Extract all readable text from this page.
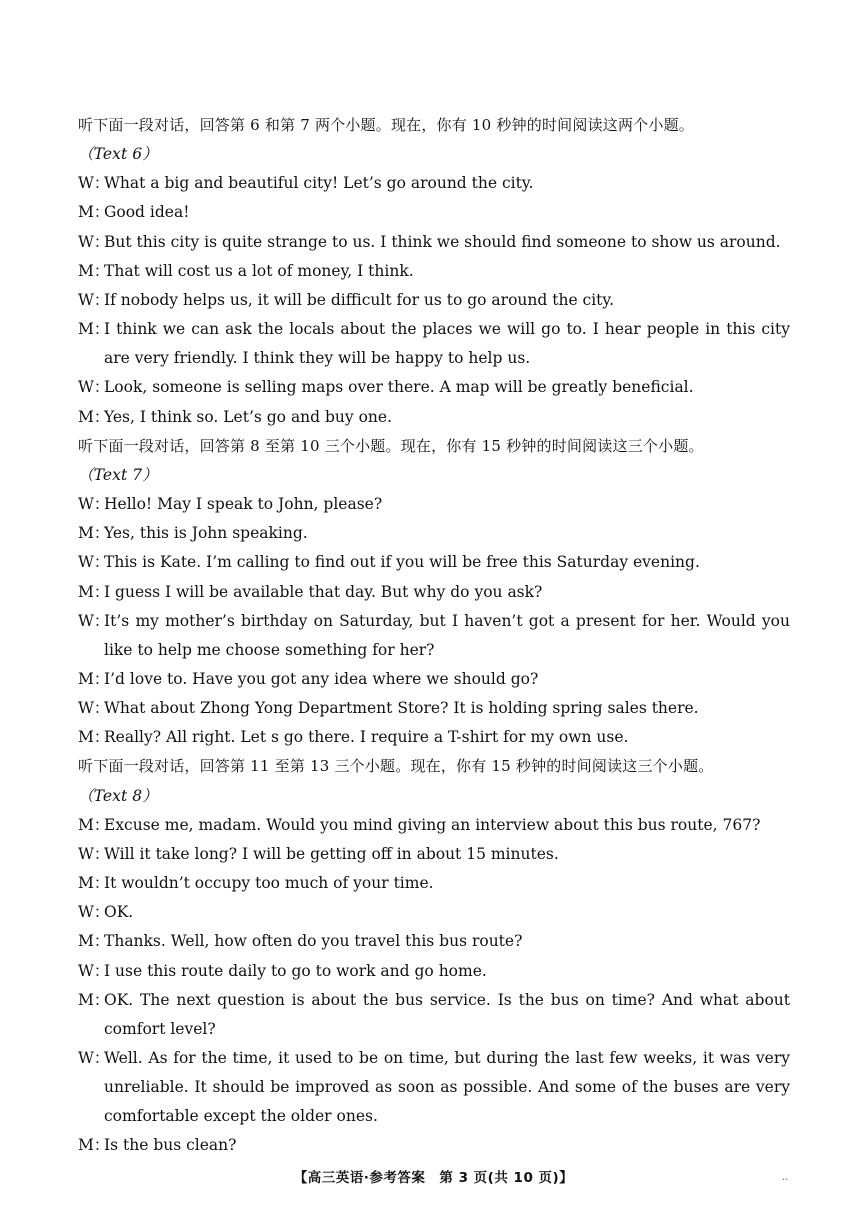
听下面一段对话，回答第 6 和第 7 两个小题。现在，你有 10 秒钟的时间阅读这两个小题。
（Text 6）
W：What a big and beautiful city! Let’s go around the city.
M：Good idea!
W：But this city is quite strange to us. I think we should find someone to show us around.
M：That will cost us a lot of money, I think.
W：If nobody helps us, it will be difficult for us to go around the city.
M：I think we can ask the locals about the places we will go to. I hear people in this city are very friendly. I think they will be happy to help us.
W：Look, someone is selling maps over there. A map will be greatly beneficial.
M：Yes, I think so. Let’s go and buy one.
听下面一段对话，回答第 8 至第 10 三个小题。现在，你有 15 秒钟的时间阅读这三个小题。
（Text 7）
W：Hello! May I speak to John, please?
M：Yes, this is John speaking.
W：This is Kate. I’m calling to find out if you will be free this Saturday evening.
M：I guess I will be available that day. But why do you ask?
W：It’s my mother’s birthday on Saturday, but I haven’t got a present for her. Would you like to help me choose something for her?
M：I’d love to. Have you got any idea where we should go?
W：What about Zhong Yong Department Store? It is holding spring sales there.
M：Really? All right. Let s go there. I require a T-shirt for my own use.
听下面一段对话，回答第 11 至第 13 三个小题。现在，你有 15 秒钟的时间阅读这三个小题。
（Text 8）
M：Excuse me, madam. Would you mind giving an interview about this bus route, 767?
W：Will it take long? I will be getting off in about 15 minutes.
M：It wouldn’t occupy too much of your time.
W：OK.
M：Thanks. Well, how often do you travel this bus route?
W：I use this route daily to go to work and go home.
M：OK. The next question is about the bus service. Is the bus on time? And what about comfort level?
W：Well. As for the time, it used to be on time, but during the last few weeks, it was very unreliable. It should be improved as soon as possible. And some of the buses are very comfortable except the older ones.
M：Is the bus clean?
【高三英语·参考答案　第 3 页(共 10 页)】	..
